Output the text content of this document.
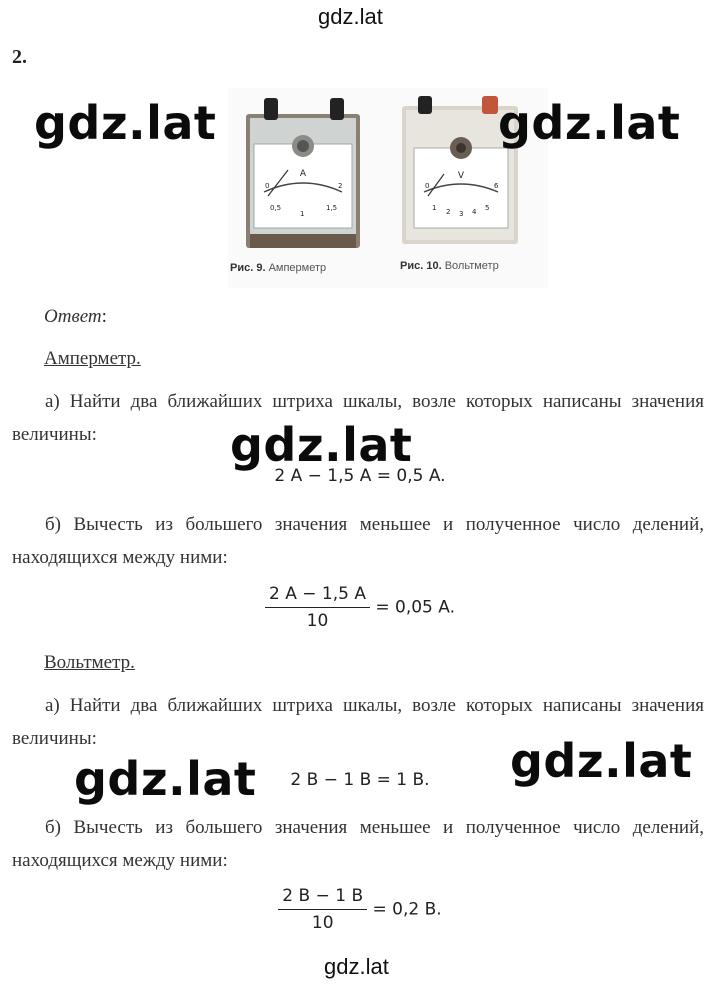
gdz.lat
2.
A
0
0,5
1
1,5
2
V
0
1 2 3 4 5
6
Рис. 9. Амперметр	Рис. 10. Вольтметр
gdz.lat	gdz.lat
gdz.lat
gdz.lat	gdz.lat
Ответ:
Амперметр.
а) Найти два ближайших штриха шкалы, возле которых написаны значения величины:
2 A − 1,5 A = 0,5 A.
б) Вычесть из большего значения меньшее и полученное число делений, находящихся между ними:
$\frac{2 A - 1,5 A}{10} = 0,05$ A.
Вольтметр.
а) Найти два ближайших штриха шкалы, возле которых написаны значения величины:
2 B − 1 B = 1 B.
б) Вычесть из большего значения меньшее и полученное число делений, находящихся между ними:
$\frac{2 B - 1 B}{10} = 0,2$ B.
gdz.lat
